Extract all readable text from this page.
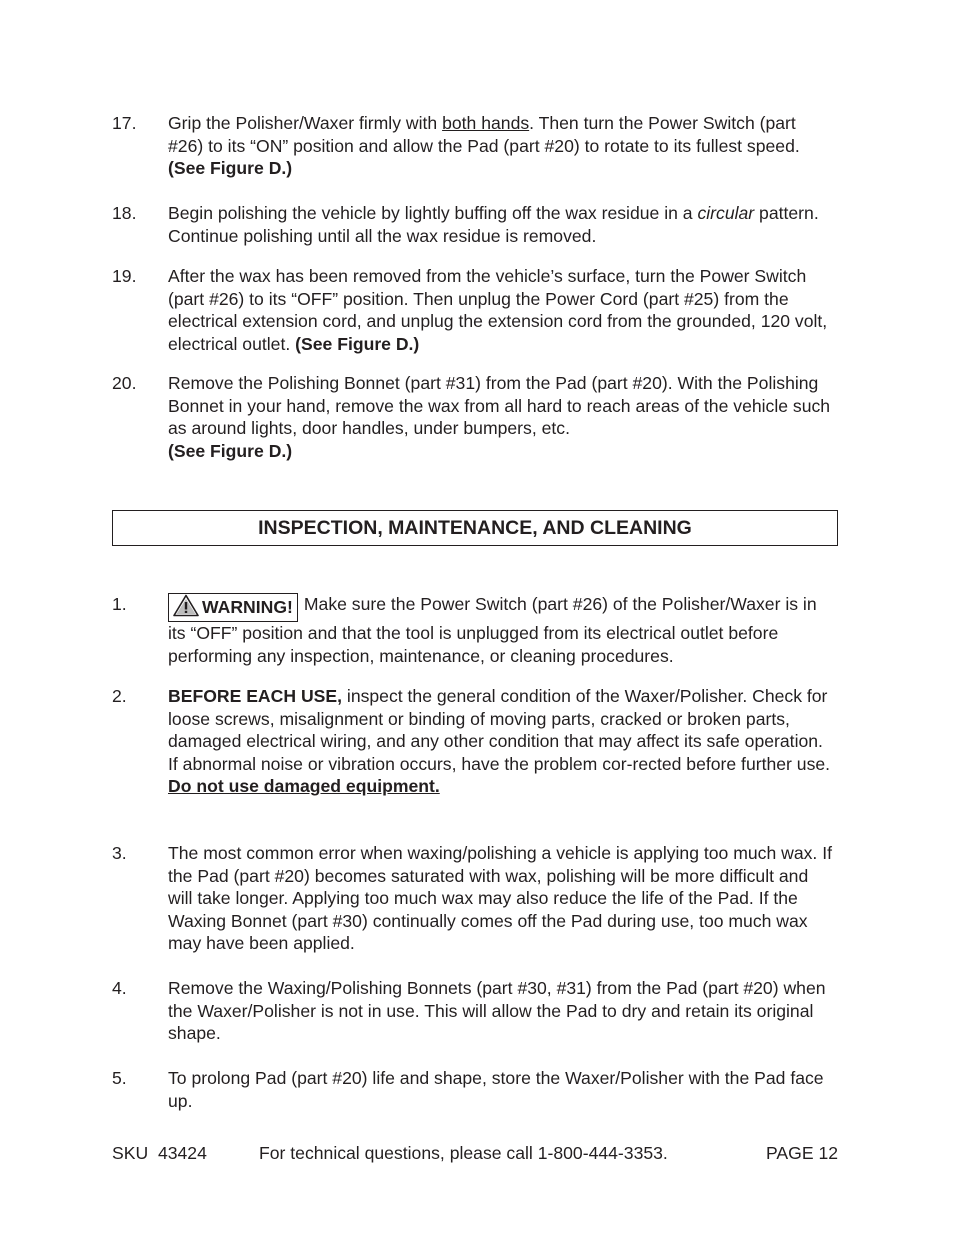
17.	Grip the Polisher/Waxer firmly with both hands. Then turn the Power Switch (part #26) to its “ON” position and allow the Pad (part #20) to rotate to its fullest speed. (See Figure D.)
18.	Begin polishing the vehicle by lightly buffing off the wax residue in a circular pattern. Continue polishing until all the wax residue is removed.
19.	After the wax has been removed from the vehicle’s surface, turn the Power Switch (part #26) to its “OFF” position. Then unplug the Power Cord (part #25) from the electrical extension cord, and unplug the extension cord from the grounded, 120 volt, electrical outlet. (See Figure D.)
20.	Remove the Polishing Bonnet (part #31) from the Pad (part #20). With the Polishing Bonnet in your hand, remove the wax from all hard to reach areas of the vehicle such as around lights, door handles, under bumpers, etc.
(See Figure D.)
INSPECTION, MAINTENANCE, AND CLEANING
1.	WARNING! Make sure the Power Switch (part #26) of the Polisher/Waxer is in its “OFF” position and that the tool is unplugged from its electrical outlet before performing any inspection, maintenance, or cleaning procedures.
2.	BEFORE EACH USE, inspect the general condition of the Waxer/Polisher. Check for loose screws, misalignment or binding of moving parts, cracked or broken parts, damaged electrical wiring, and any other condition that may affect its safe operation. If abnormal noise or vibration occurs, have the problem cor-rected before further use.
Do not use damaged equipment.
3.	The most common error when waxing/polishing a vehicle is applying too much wax. If the Pad (part #20) becomes saturated with wax, polishing will be more difficult and will take longer. Applying too much wax may also reduce the life of the Pad. If the Waxing Bonnet (part #30) continually comes off the Pad during use, too much wax may have been applied.
4.	Remove the Waxing/Polishing Bonnets (part #30, #31) from the Pad (part #20) when the Waxer/Polisher is not in use. This will allow the Pad to dry and retain its original shape.
5.	To prolong Pad (part #20) life and shape, store the Waxer/Polisher with the Pad face up.
SKU  43424	For technical questions, please call 1-800-444-3353.	PAGE 12
